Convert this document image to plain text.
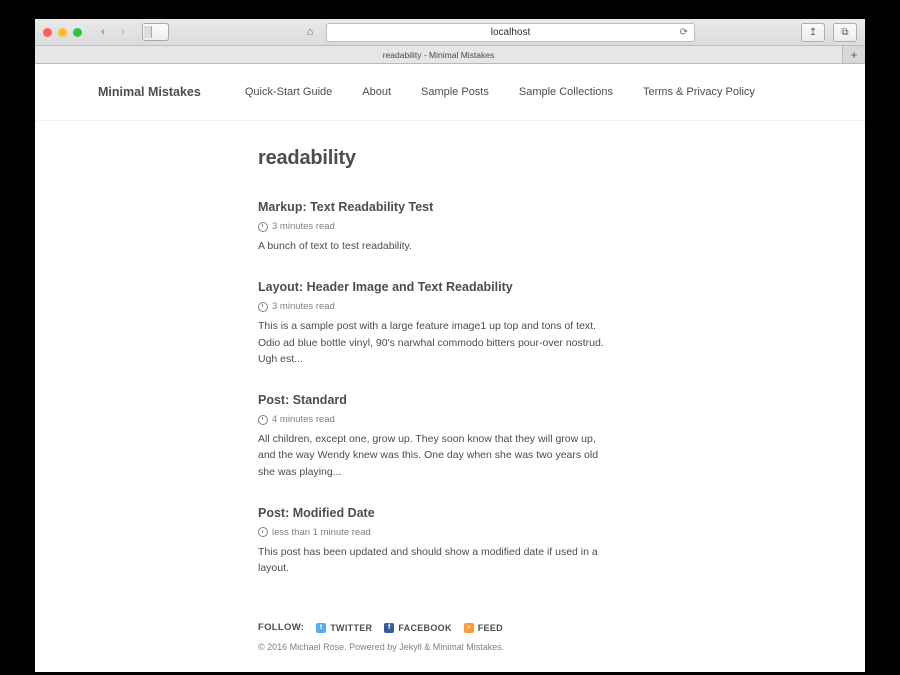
‹	›	⌂	localhost	⟳	↥	⧉
readability - Minimal Mistakes	+
Minimal Mistakes	Quick-Start Guide	About	Sample Posts	Sample Collections	Terms & Privacy Policy
readability
Markup: Text Readability Test
3 minutes read

A bunch of text to test readability.

Layout: Header Image and Text Readability
3 minutes read

This is a sample post with a large feature image1 up top and tons of text. Odio ad blue bottle vinyl, 90's narwhal commodo bitters pour-over nostrud. Ugh est...

Post: Standard
4 minutes read

All children, except one, grow up. They soon know that they will grow up, and the way Wendy knew was this. One day when she was two years old she was playing...

Post: Modified Date
less than 1 minute read

This post has been updated and should show a modified date if used in a layout.

FOLLOW:	t TWITTER	f FACEBOOK	» FEED
© 2016 Michael Rose. Powered by Jekyll & Minimal Mistakes.
